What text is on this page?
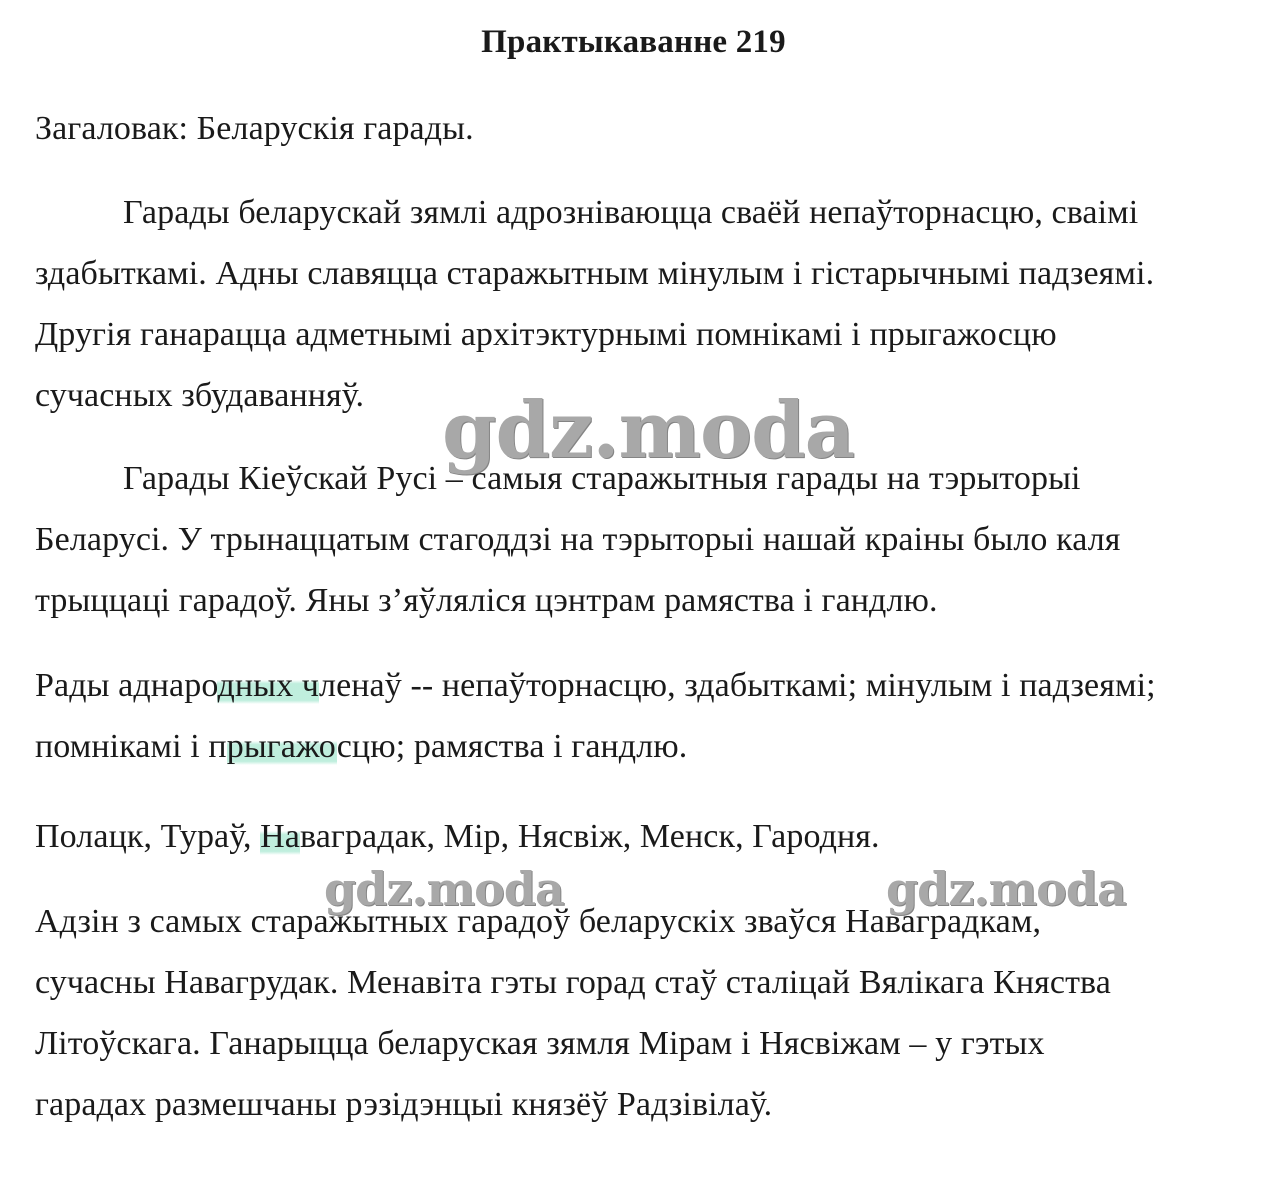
Практыкаванне 219
Загаловак: Беларускія гарады.
Гарады беларускай зямлі адрозніваюцца сваёй непаўторнасцю, сваімі
здабыткамі. Адны славяцца старажытным мінулым і гістарычнымі падзеямі.
Другія ганарацца адметнымі архітэктурнымі помнікамі і прыгажосцю
сучасных збудаванняў.
Гарады Кіеўскай Русі – самыя старажытныя гарады на тэрыторыі
Беларусі. У трынаццатым стагоддзі на тэрыторыі нашай краіны было каля
трыццаці гарадоў. Яны з’яўляліся цэнтрам рамяства і гандлю.
Рады аднародных членаў -- непаўторнасцю, здабыткамі; мінулым і падзеямі;
помнікамі і прыгажосцю; рамяства і гандлю.
Полацк, Тураў, Наваградак, Мір, Нясвіж, Менск, Гародня.
Адзін з самых старажытных гарадоў беларускіх зваўся Наваградкам,
сучасны Навагрудак. Менавіта гэты горад стаў сталіцай Вялікага Княства
Літоўскага. Ганарыцца беларуская зямля Мірам і Нясвіжам – у гэтых
гарадах размешчаны рэзідэнцыі князёў Радзівілаў.
gdz.moda
gdz.moda	gdz.moda
